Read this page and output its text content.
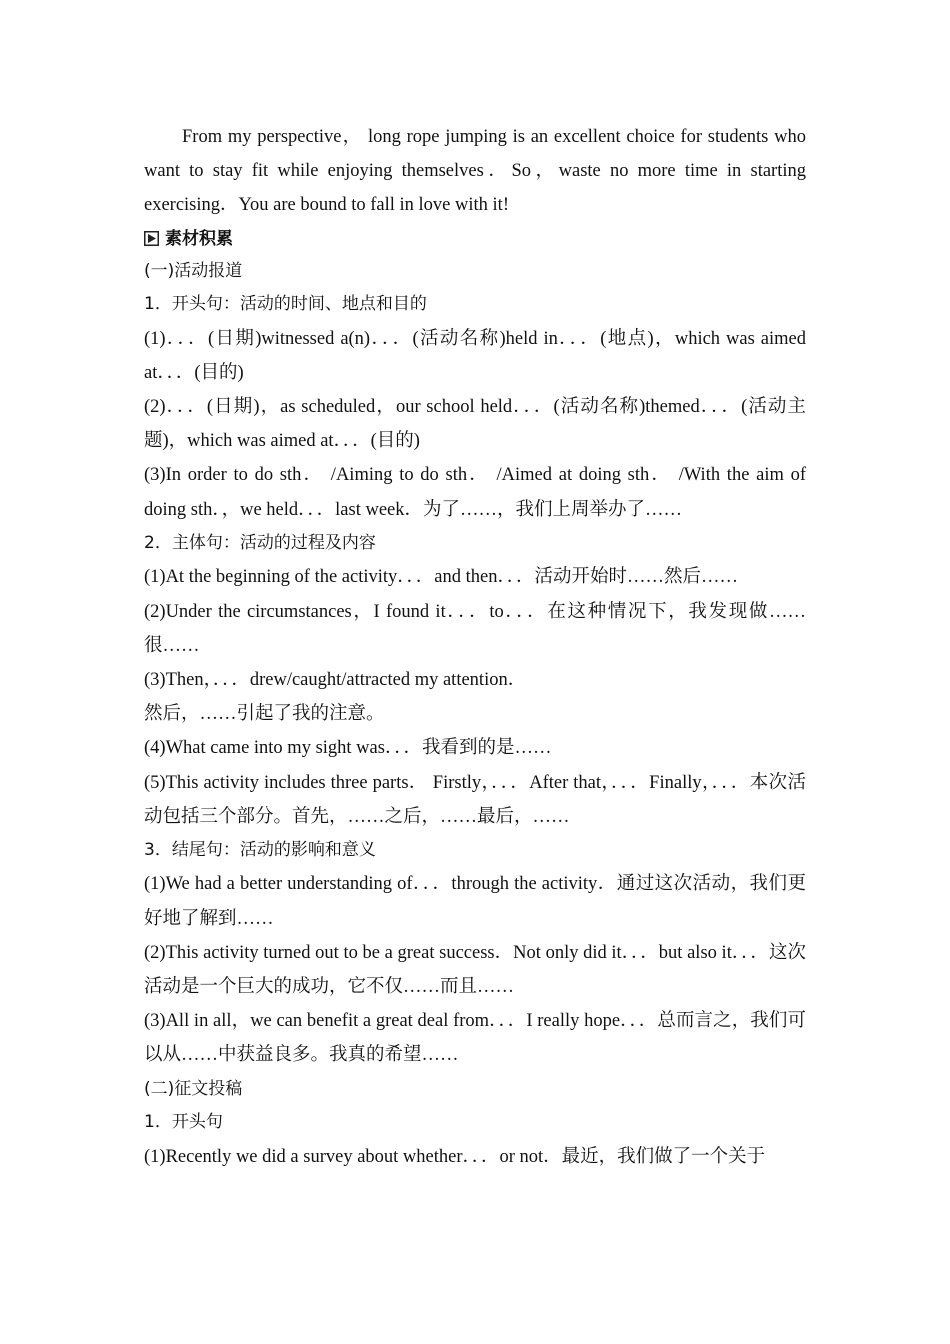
From my perspective， long rope jumping is an excellent choice for students who want to stay fit while enjoying themselves．So，waste no more time in starting exercising．You are bound to fall in love with it!

素材积累

(一)活动报道

1．开头句：活动的时间、地点和目的

(1)．．．(日期)witnessed a(n)．．．(活动名称)held in．．．(地点)，which was aimed at．．．(目的)

(2)．．．(日期)，as scheduled，our school held．．．(活动名称)themed．．．(活动主题)，which was aimed at．．．(目的)

(3)In order to do sth． /Aiming to do sth． /Aimed at doing sth． /With the aim of doing sth．，we held．．．last week．为了……，我们上周举办了……

2．主体句：活动的过程及内容

(1)At the beginning of the activity．．．and then．．．活动开始时……然后……

(2)Under the circumstances，I found it．．．to．．．在这种情况下，我发现做……很……

(3)Then，．．．drew/caught/attracted my attention．

然后，……引起了我的注意。

(4)What came into my sight was．．．我看到的是……

(5)This activity includes three parts． Firstly，．．．After that，．．．Finally，．．．本次活动包括三个部分。首先，……之后，……最后，……

3．结尾句：活动的影响和意义

(1)We had a better understanding of．．．through the activity．通过这次活动，我们更好地了解到……

(2)This activity turned out to be a great success．Not only did it．．．but also it．．．这次活动是一个巨大的成功，它不仅……而且……

(3)All in all，we can benefit a great deal from．．．I really hope．．．总而言之，我们可以从……中获益良多。我真的希望……

(二)征文投稿

1．开头句

(1)Recently we did a survey about whether．．．or not．最近，我们做了一个关于
